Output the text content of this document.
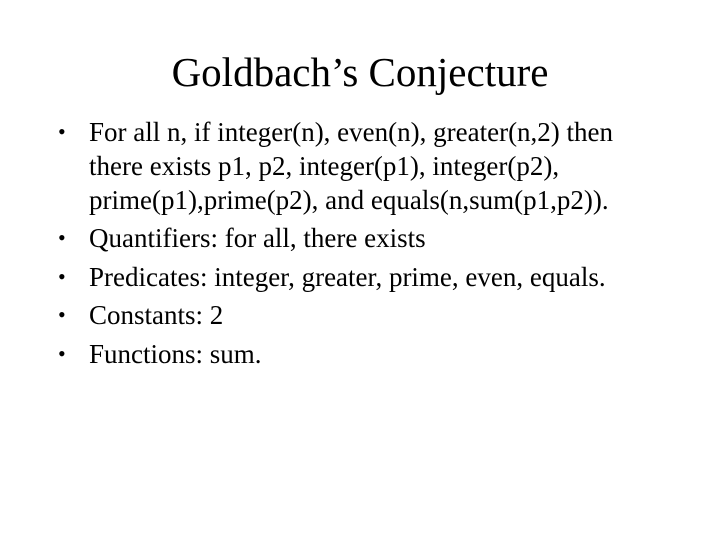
Goldbach’s Conjecture
• For all n, if integer(n), even(n), greater(n,2) then there exists p1, p2, integer(p1), integer(p2), prime(p1),prime(p2), and equals(n,sum(p1,p2)).
• Quantifiers: for all, there exists
• Predicates: integer, greater, prime, even, equals.
• Constants: 2
• Functions: sum.
